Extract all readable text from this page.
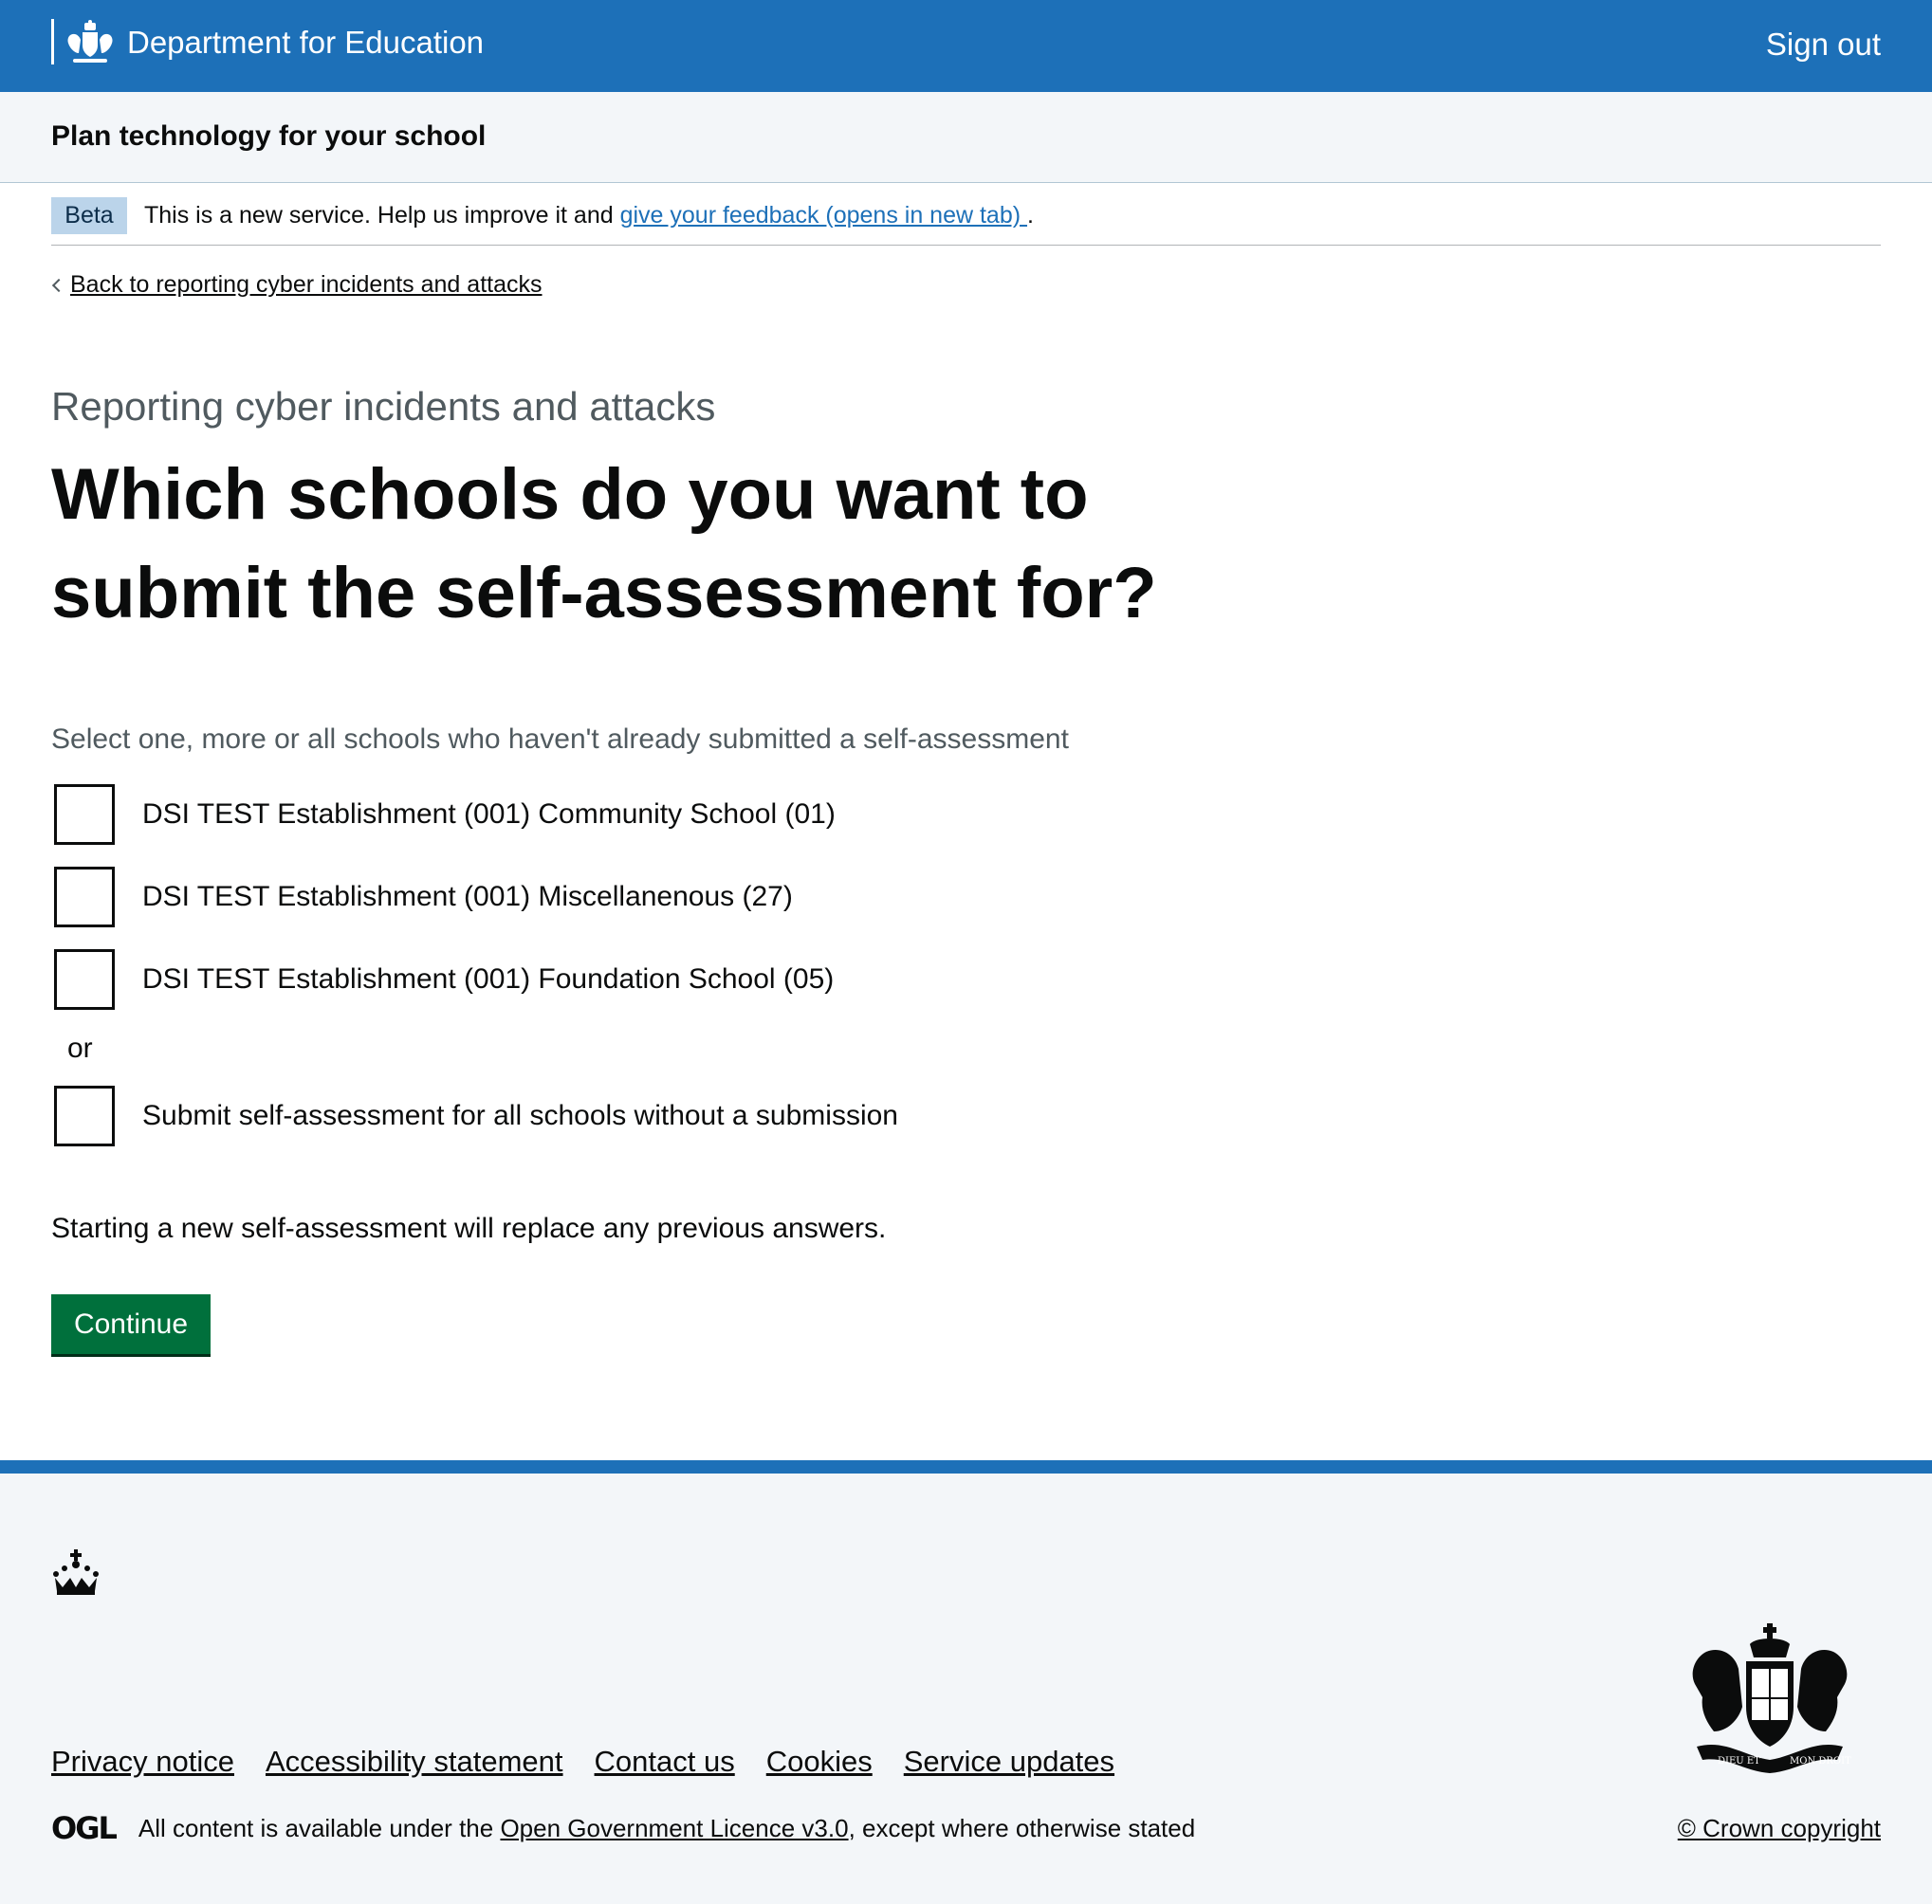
Department for Education	Sign out
Plan technology for your school
Beta	This is a new service. Help us improve it and give your feedback (opens in new tab) .
Back to reporting cyber incidents and attacks
Reporting cyber incidents and attacks
Which schools do you want to submit the self-assessment for?
Select one, more or all schools who haven't already submitted a self-assessment
DSI TEST Establishment (001) Community School (01)
DSI TEST Establishment (001) Miscellanenous (27)
DSI TEST Establishment (001) Foundation School (05)
or
Submit self-assessment for all schools without a submission

Starting a new self-assessment will replace any previous answers.

Continue
DIEU ET	MON DROIT
Privacy notice Accessibility statement Contact us Cookies Service updates
OGL All content is available under the
Open Government Licence v3.0 , except where otherwise stated	© Crown copyright
